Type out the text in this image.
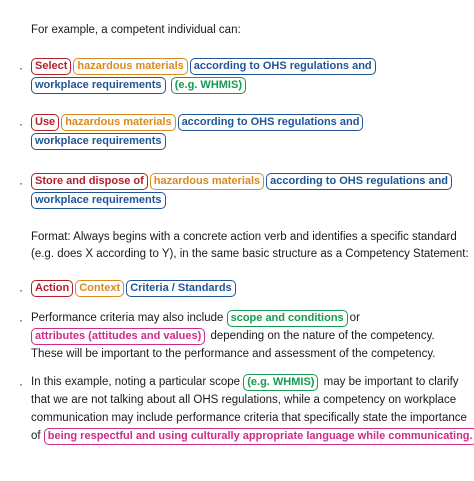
For example, a competent individual can:
·	Select hazardous materials according to OHS regulations and
workplace requirements (e.g. WHMIS)
·	Use hazardous materials according to OHS regulations and
workplace requirements
·	Store and dispose of hazardous materials according to OHS regulations and
workplace requirements
Format: Always begins with a concrete action verb and identifies a specific standard
(e.g. does X according to Y), in the same basic structure as a Competency Statement:
·	Action Context Criteria / Standards
· Performance criteria may also include scope and conditions or
attributes (attitudes and values) depending on the nature of the competency.
These will be important to the performance and assessment of the competency.
· In this example, noting a particular scope (e.g. WHMIS) may be important to clarify
that we are not talking about all OHS regulations, while a competency on workplace
communication may include performance criteria that specifically state the importance
of being respectful and using culturally appropriate language while communicating.
